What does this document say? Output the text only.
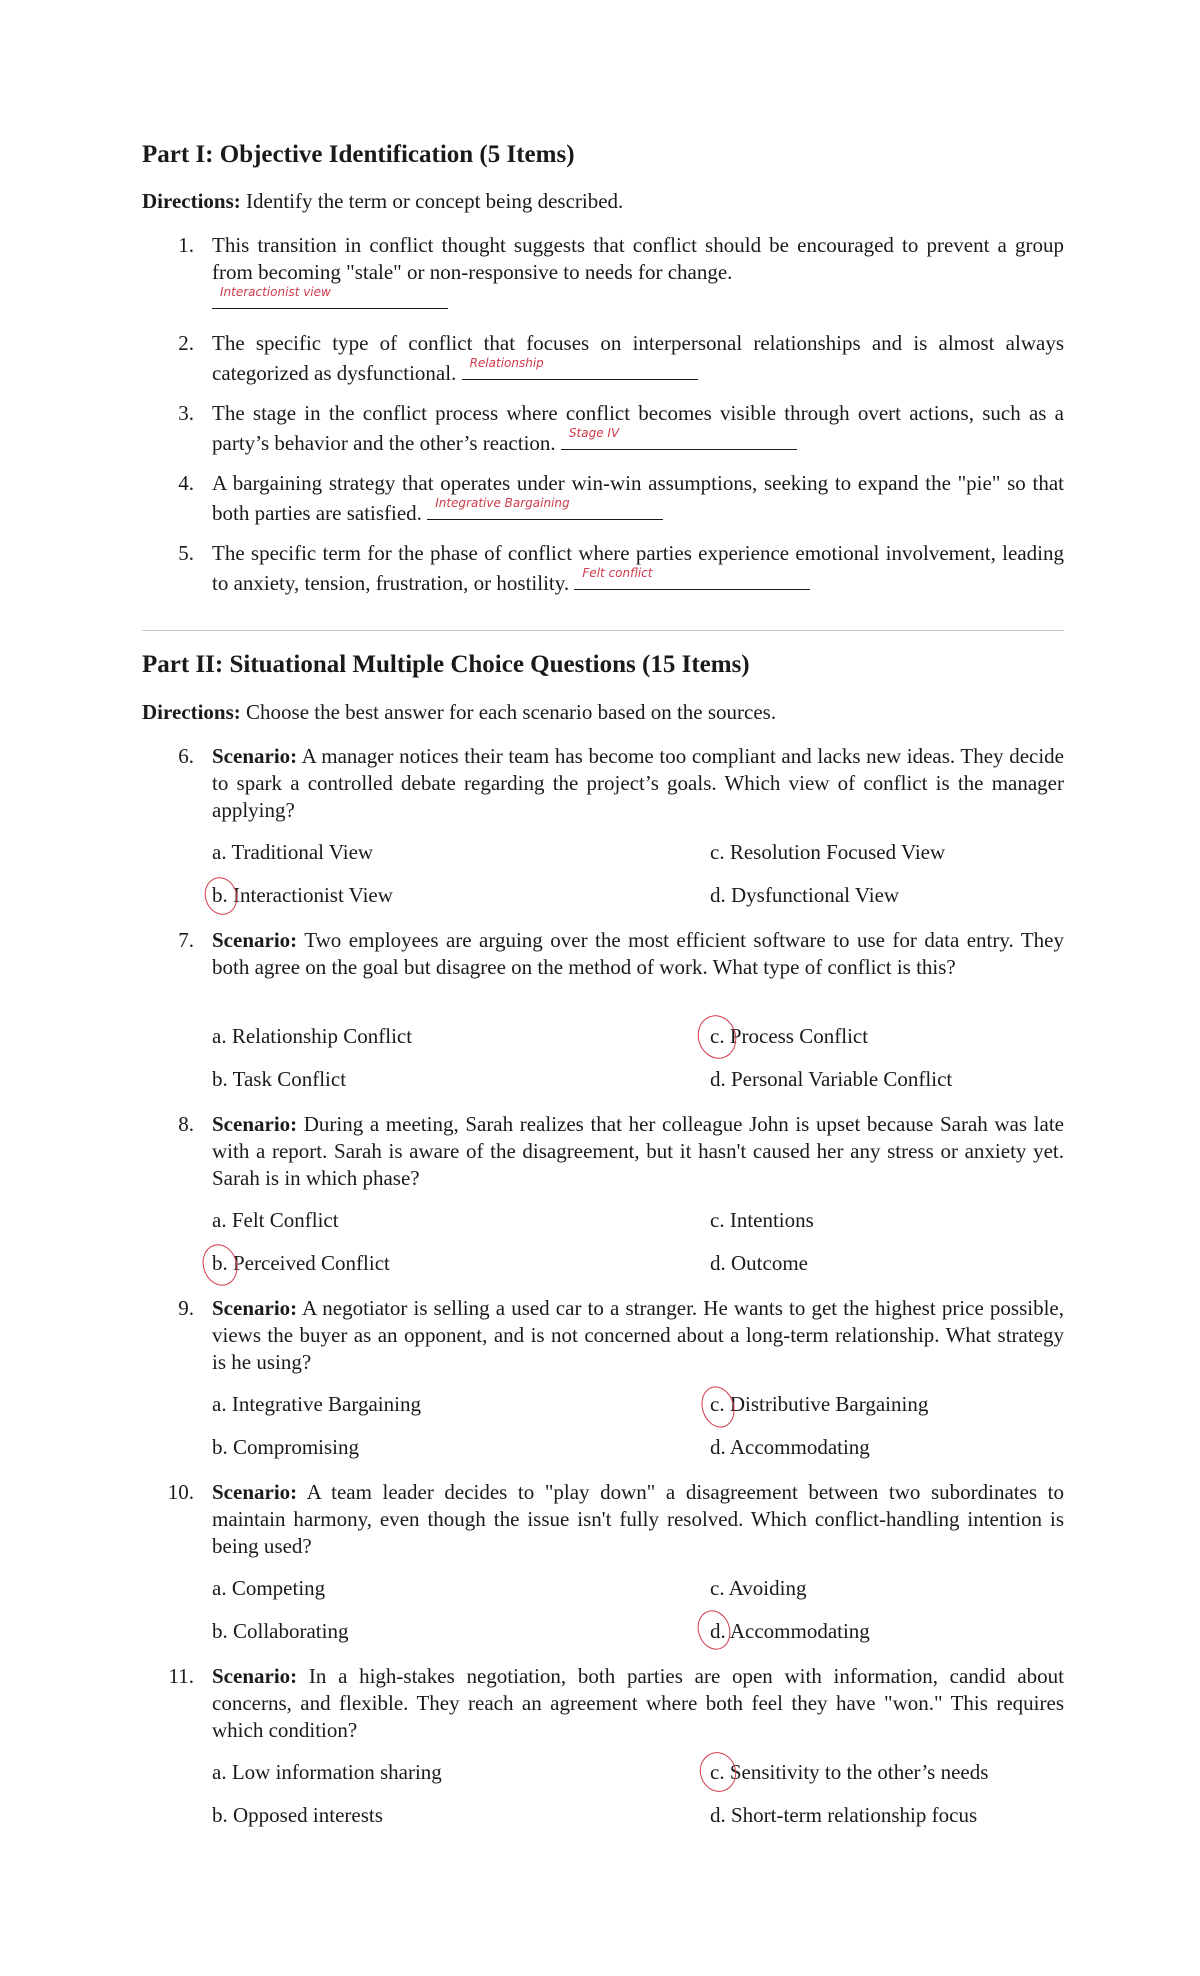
Part I: Objective Identification (5 Items)
Directions: Identify the term or concept being described.
1. This transition in conflict thought suggests that conflict should be encouraged to prevent a group from becoming "stale" or non-responsive to needs for change.

Interactionist view
2. The specific type of conflict that focuses on interpersonal relationships and is almost always categorized as dysfunctional. Relationship
3. The stage in the conflict process where conflict becomes visible through overt actions, such as a party’s behavior and the other’s reaction. Stage IV
4. A bargaining strategy that operates under win-win assumptions, seeking to expand the "pie" so that both parties are satisfied. Integrative Bargaining
5. The specific term for the phase of conflict where parties experience emotional involvement, leading to anxiety, tension, frustration, or hostility. Felt conflict
Part II: Situational Multiple Choice Questions (15 Items)
Directions: Choose the best answer for each scenario based on the sources.
6. Scenario: A manager notices their team has become too compliant and lacks new ideas. They decide to spark a controlled debate regarding the project’s goals. Which view of conflict is the manager applying?
a. Traditional View
b. Interactionist View
c. Resolution Focused View
d. Dysfunctional View
7. Scenario: Two employees are arguing over the most efficient software to use for data entry. They both agree on the goal but disagree on the method of work. What type of conflict is this?
a. Relationship Conflict
b. Task Conflict
c. Process Conflict
d. Personal Variable Conflict
8. Scenario: During a meeting, Sarah realizes that her colleague John is upset because Sarah was late with a report. Sarah is aware of the disagreement, but it hasn't caused her any stress or anxiety yet. Sarah is in which phase?
a. Felt Conflict
b. Perceived Conflict
c. Intentions
d. Outcome
9. Scenario: A negotiator is selling a used car to a stranger. He wants to get the highest price possible, views the buyer as an opponent, and is not concerned about a long-term relationship. What strategy is he using?
a. Integrative Bargaining
b. Compromising
c. Distributive Bargaining
d. Accommodating
10. Scenario: A team leader decides to "play down" a disagreement between two subordinates to maintain harmony, even though the issue isn't fully resolved. Which conflict-handling intention is being used?
a. Competing
b. Collaborating
c. Avoiding
d. Accommodating
11. Scenario: In a high-stakes negotiation, both parties are open with information, candid about concerns, and flexible. They reach an agreement where both feel they have "won." This requires which condition?
a. Low information sharing
b. Opposed interests
c. Sensitivity to the other’s needs
d. Short-term relationship focus
